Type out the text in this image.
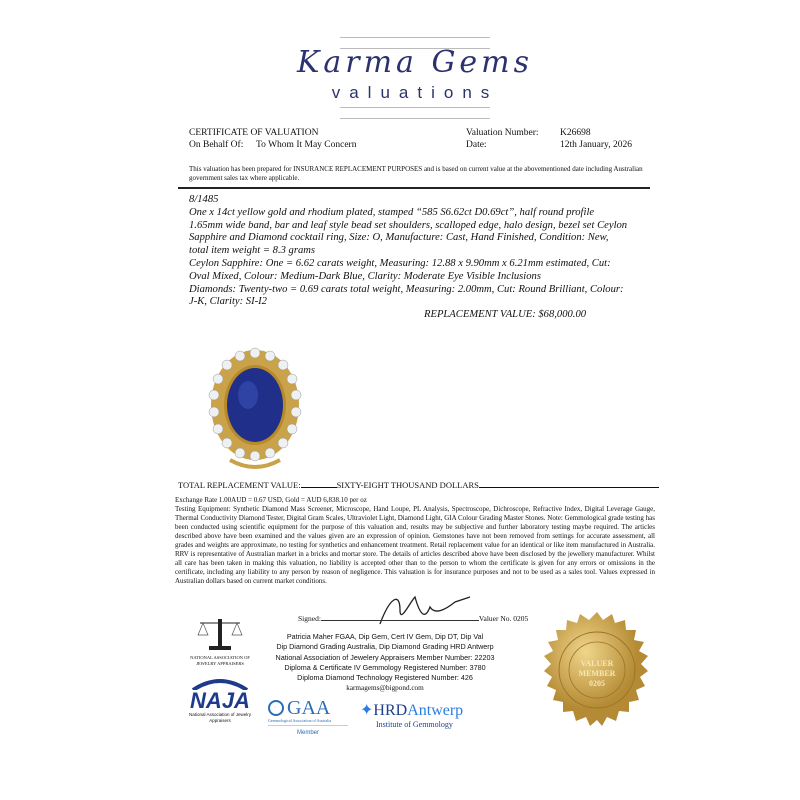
Karma Gems
valuations
CERTIFICATE OF VALUATION
On Behalf Of: To Whom It May Concern
Valuation Number: K26698
Date:	12th January, 2026
This valuation has been prepared for INSURANCE REPLACEMENT PURPOSES and is based on current value at the abovementioned date including Australian government sales tax where applicable.
8/1485
One x 14ct yellow gold and rhodium plated, stamped “585 S6.62ct D0.69ct”, half round profile 1.65mm wide band, bar and leaf style bead set shoulders, scalloped edge, halo design, bezel set Ceylon Sapphire and Diamond cocktail ring, Size: O, Manufacture: Cast, Hand Finished, Condition: New, total item weight = 8.3 grams
Ceylon Sapphire: One = 6.62 carats weight, Measuring: 12.88 x 9.90mm x 6.21mm estimated, Cut: Oval Mixed, Colour: Medium-Dark Blue, Clarity: Moderate Eye Visible Inclusions
Diamonds: Twenty-two = 0.69 carats total weight, Measuring: 2.00mm, Cut: Round Brilliant, Colour: J-K, Clarity: SI-I2
REPLACEMENT VALUE: $68,000.00
TOTAL REPLACEMENT VALUE:	SIXTY-EIGHT THOUSAND DOLLARS
Exchange Rate 1.00AUD = 0.67 USD, Gold = AUD 6,838.10 per oz
Testing Equipment: Synthetic Diamond Mass Screener, Microscope, Hand Loupe, PL Analysis, Spectroscope, Dichroscope, Refractive Index, Digital Leverage Gauge, Thermal Conductivity Diamond Tester, Digital Gram Scales, Ultraviolet Light, Diamond Light, GIA Colour Grading Master Stones. Note: Gemmological grade testing has been conducted using scientific equipment for the purpose of this valuation and, results may be subjective and further laboratory testing maybe required. The articles described above have been examined and the values given are an expression of opinion. Gemstones have not been removed from settings for accurate assessment, all grades and weights are approximate, no testing for synthetics and enhancement treatment. Retail replacement value for an identical or like item manufactured in Australia. RRV is representative of Australian market in a bricks and mortar store. The details of articles described above have been disclosed by the jewellery manufacturer. Whilst all care has been taken in making this valuation, no liability is accepted other than to the person to whom the certificate is given for any errors or omissions in the certificate, including any liability to any person by reason of negligence. This valuation is for insurance purposes and not to be used as a sales tool. Values expressed in Australian dollars based on current market conditions.
Signed:	Valuer No. 0205
Patricia Maher FGAA, Dip Gem, Cert IV Gem, Dip DT, Dip Val
Dip Diamond Grading Australia, Dip Diamond Grading HRD Antwerp
National Association of Jewelery Appraisers Member Number: 22203
Diploma & Certificate IV Gemmology Registered Number: 3780
Diploma Diamond Technology Registered Number: 426
karmagems@bigpond.com
NATIONAL ASSOCIATION OF JEWELRY APPRAISERS
NAJA
National Association of Jewelry Appraisers
GAA
Gemmological Association of Australia
Member
✦HRDAntwerp
Institute of Gemmology
VALUER
MEMBER
0205
